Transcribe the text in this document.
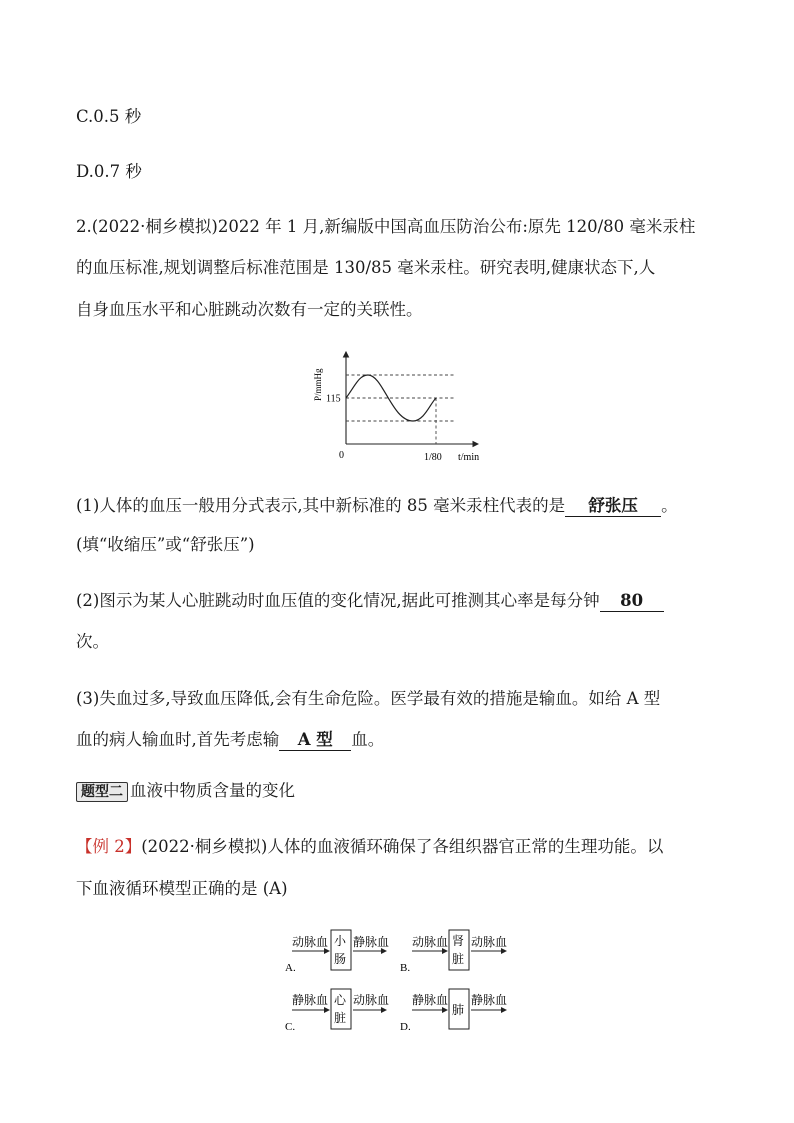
C.0.5 秒
D.0.7 秒
2.(2022·桐乡模拟)2022 年 1 月,新编版中国高血压防治公布:原先 120/80 毫米汞柱
的血压标准,规划调整后标准范围是 130/85 毫米汞柱。研究表明,健康状态下,人
自身血压水平和心脏跳动次数有一定的关联性。
P/mmHg 115
0	1/80 t/min
(1)人体的血压一般用分式表示,其中新标准的 85 毫米汞柱代表的是 舒张压 。
(填“收缩压”或“舒张压”)
(2)图示为某人心脏跳动时血压值的变化情况,据此可推测其心率是每分钟 80
次。
(3)失血过多,导致血压降低,会有生命危险。医学最有效的措施是输血。如给 A 型
血的病人输血时,首先考虑输 A 型 血。
题型二 血液中物质含量的变化
【例 2】(2022·桐乡模拟)人体的血液循环确保了各组织器官正常的生理功能。以
下血液循环模型正确的是 (A)
A.
动脉血 小
肠
静脉血
B.
动脉血 肾
脏
动脉血
C.
静脉血 心
脏
动脉血
D.
静脉血
肺
静脉血
